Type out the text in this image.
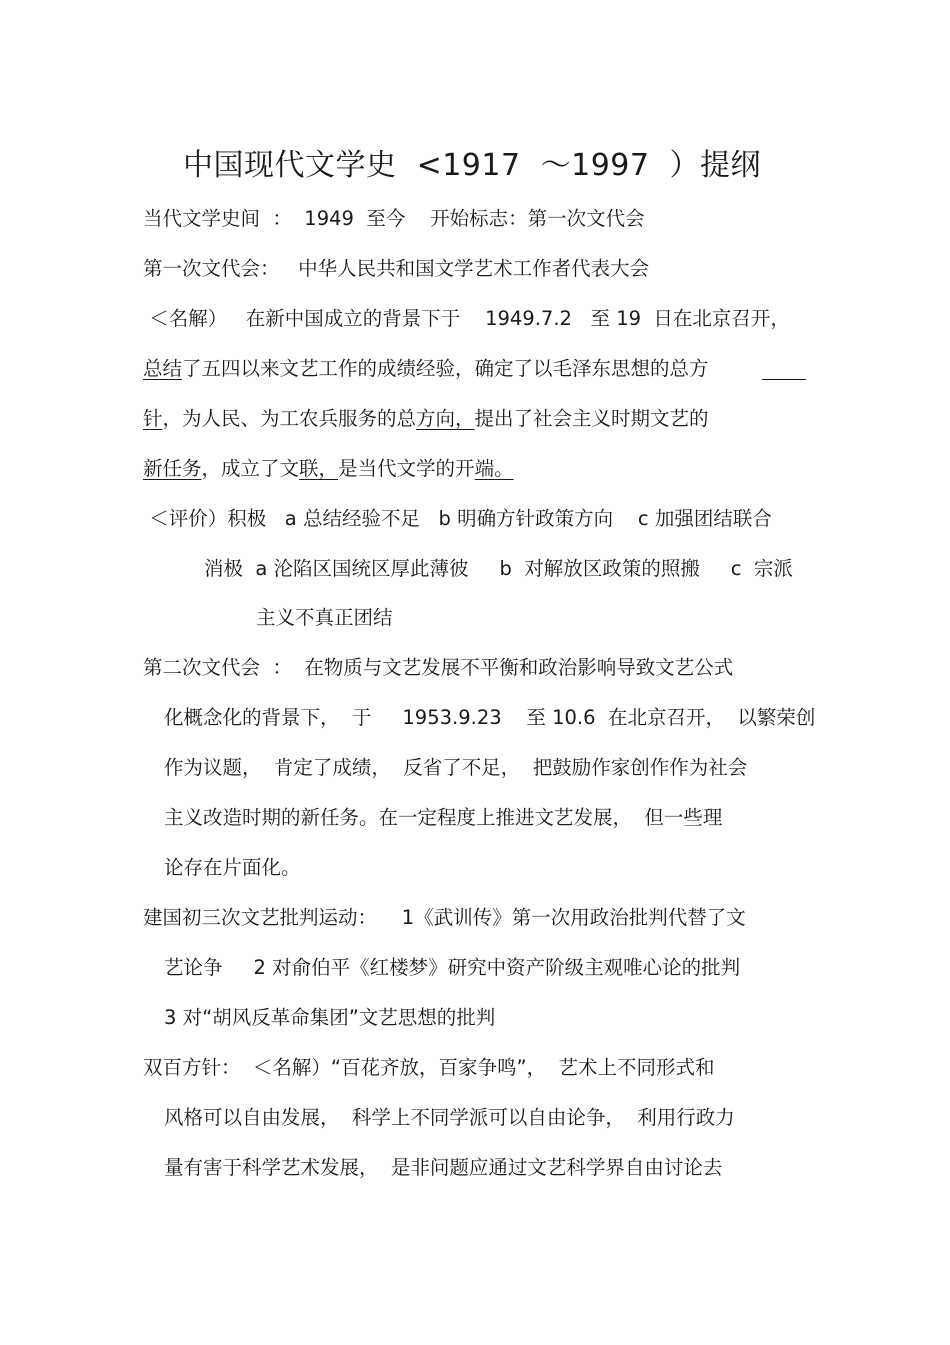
中国现代文学史  <1917  ～1997  ）提纲
当代文学史间  ：  1949  至今    开始标志：第一次文代会
第一次文代会：   中华人民共和国文学艺术工作者代表大会
＜名解）   在新中国成立的背景下于    1949.7.2   至 19  日在北京召开，
总结了五四以来文艺工作的成绩经验，确定了以毛泽东思想的总方
针，为人民、为工农兵服务的总方向，提出了社会主义时期文艺的
新任务，成立了文联，是当代文学的开端。
＜评价）积极   a 总结经验不足   b 明确方针政策方向    c 加强团结联合
消极  a 沦陷区国统区厚此薄彼     b  对解放区政策的照搬     c  宗派
主义不真正团结
第二次文代会  ：  在物质与文艺发展不平衡和政治影响导致文艺公式
化概念化的背景下，  于     1953.9.23    至 10.6  在北京召开，  以繁荣创
作为议题，  肯定了成绩，  反省了不足，  把鼓励作家创作作为社会
主义改造时期的新任务。在一定程度上推进文艺发展，  但一些理
论存在片面化。
建国初三次文艺批判运动：    1《武训传》第一次用政治批判代替了文
艺论争     2 对俞伯平《红楼梦》研究中资产阶级主观唯心论的批判
3 对“胡风反革命集团”文艺思想的批判
双百方针：  ＜名解）“百花齐放，百家争鸣”，  艺术上不同形式和
风格可以自由发展，  科学上不同学派可以自由论争，  利用行政力
量有害于科学艺术发展，  是非问题应通过文艺科学界自由讨论去
